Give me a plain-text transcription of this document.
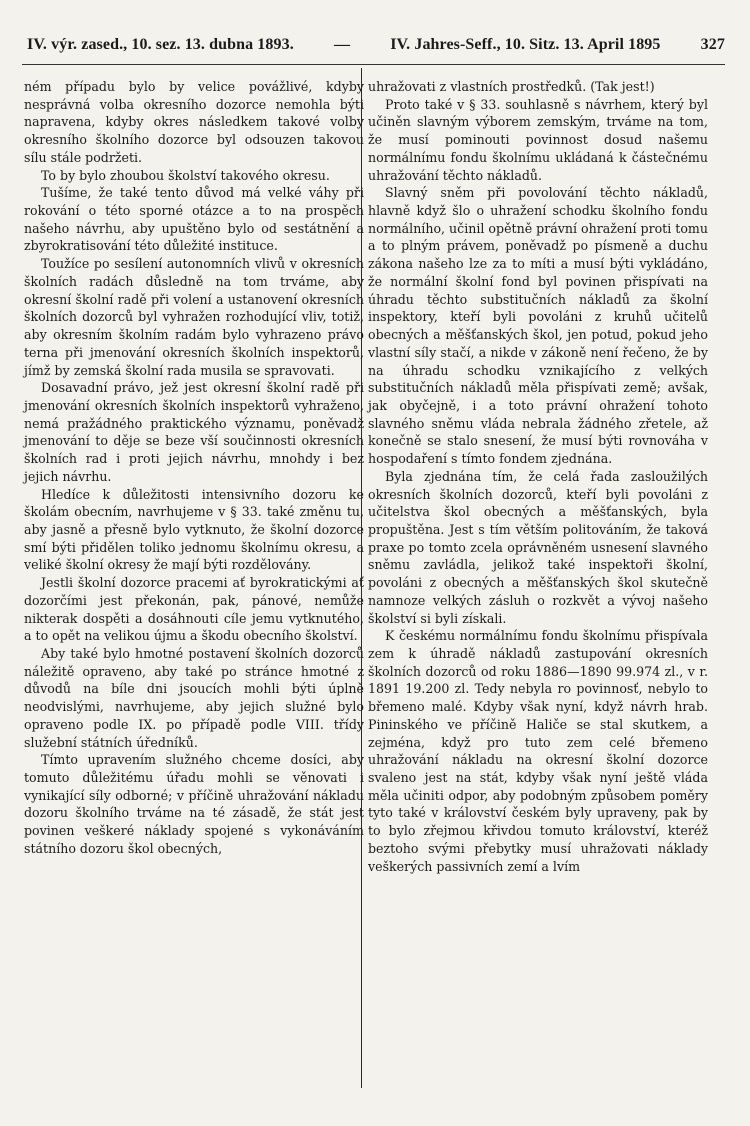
IV. výr. zased., 10. sez. 13. dubna 1893.	—	IV. Jahres-Seff., 10. Sitz. 13. April 1895	327

ném případu bylo by velice povážlivé, kdyby nesprávná volba okresního dozorce nemohla býti napravena, kdyby okres následkem takové volby okresního školního dozorce byl odsouzen takovou sílu stále podržeti.

To by bylo zhoubou školství takového okresu.

Tušíme, že také tento důvod má velké váhy při rokování o této sporné otázce a to na prospěch našeho návrhu, aby upuštěno bylo od sestátnění a zbyrokratisování této důležité instituce.

Toužíce po sesílení autonomních vlivů v okresních školních radách důsledně na tom trváme, aby okresní školní radě při volení a ustanovení okresních školních dozorců byl vyhražen rozhodující vliv, totiž, aby okresním školním radám bylo vyhrazeno právo terna při jmenování okresních školních inspektorů, jímž by zemská školní rada musila se spravovati.

Dosavadní právo, jež jest okresní školní radě při jmenování okresních školních inspektorů vyhraženo, nemá pražádného praktického významu, poněvadž jmenování to děje se beze vší součinnosti okresních školních rad i proti jejich návrhu, mnohdy i bez jejich návrhu.

Hledíce k důležitosti intensivního dozoru ke školám obecním, navrhujeme v § 33. také změnu tu, aby jasně a přesně bylo vytknuto, že školní dozorce smí býti přidělen toliko jednomu školnímu okresu, a veliké školní okresy že mají býti rozdělovány.

Jestli školní dozorce pracemi ať byrokratickými ať dozorčími jest překonán, pak, pánové, nemůže nikterak dospěti a dosáhnouti cíle jemu vytknutého, a to opět na velikou újmu a škodu obecního školství.

Aby také bylo hmotné postavení školních dozorců náležitě opraveno, aby také po stránce hmotné z důvodů na bíle dni jsoucích mohli býti úplně neodvislými, navrhujeme, aby jejich služné bylo opraveno podle IX. po případě podle VIII. třídy služební státních úředníků.

Tímto upravením služného chceme dosíci, aby tomuto důležitému úřadu mohli se věnovati i vynikající síly odborné; v příčině uhražování nákladu dozoru školního trváme na té zásadě, že stát jest povinen veškeré náklady spojené s vykonáváním státního dozoru škol obecných,

uhražovati z vlastních prostředků. (Tak jest!)

Proto také v § 33. souhlasně s návrhem, který byl učiněn slavným výborem zemským, trváme na tom, že musí pominouti povinnost dosud našemu normálnímu fondu školnímu ukládaná k částečnému uhražování těchto nákladů.

Slavný sněm při povolování těchto nákladů, hlavně když šlo o uhražení schodku školního fondu normálního, učinil opětně právní ohražení proti tomu a to plným právem, poněvadž po písmeně a duchu zákona našeho lze za to míti a musí býti vykládáno, že normální školní fond byl povinen přispívati na úhradu těchto substitučních nákladů za školní inspektory, kteří byli povoláni z kruhů učitelů obecných a měšťanských škol, jen potud, pokud jeho vlastní síly stačí, a nikde v zákoně není řečeno, že by na úhradu schodku vznikajícího z velkých substitučních nákladů měla přispívati země; avšak, jak obyčejně, i a toto právní ohražení tohoto slavného sněmu vláda nebrala žádného zřetele, až konečně se stalo snesení, že musí býti rovnováha v hospodaření s tímto fondem zjednána.

Byla zjednána tím, že celá řada zasloužilých okresních školních dozorců, kteří byli povoláni z učitelstva škol obecných a měšťanských, byla propuštěna. Jest s tím větším politováním, že taková praxe po tomto zcela oprávněném usnesení slavného sněmu zavládla, jelikož také inspektoři školní, povoláni z obecných a měšťanských škol skutečně namnoze velkých zásluh o rozkvět a vývoj našeho školství si byli získali.

K českému normálnímu fondu školnímu přispívala zem k úhradě nákladů zastupování okresních školních dozorců od roku 1886—1890 99.974 zl., v r. 1891 19.200 zl. Tedy nebyla ro povinnosť, nebylo to břemeno malé. Kdyby však nyní, když návrh hrab. Pininského ve příčině Haliče se stal skutkem, a zejména, když pro tuto zem celé břemeno uhražování nákladu na okresní školní dozorce svaleno jest na stát, kdyby však nyní ještě vláda měla učiniti odpor, aby podobným způsobem poměry tyto také v království českém byly upraveny, pak by to bylo zřejmou křivdou tomuto království, kteréž beztoho svými přebytky musí uhražovati náklady veškerých passivních zemí a lvím
